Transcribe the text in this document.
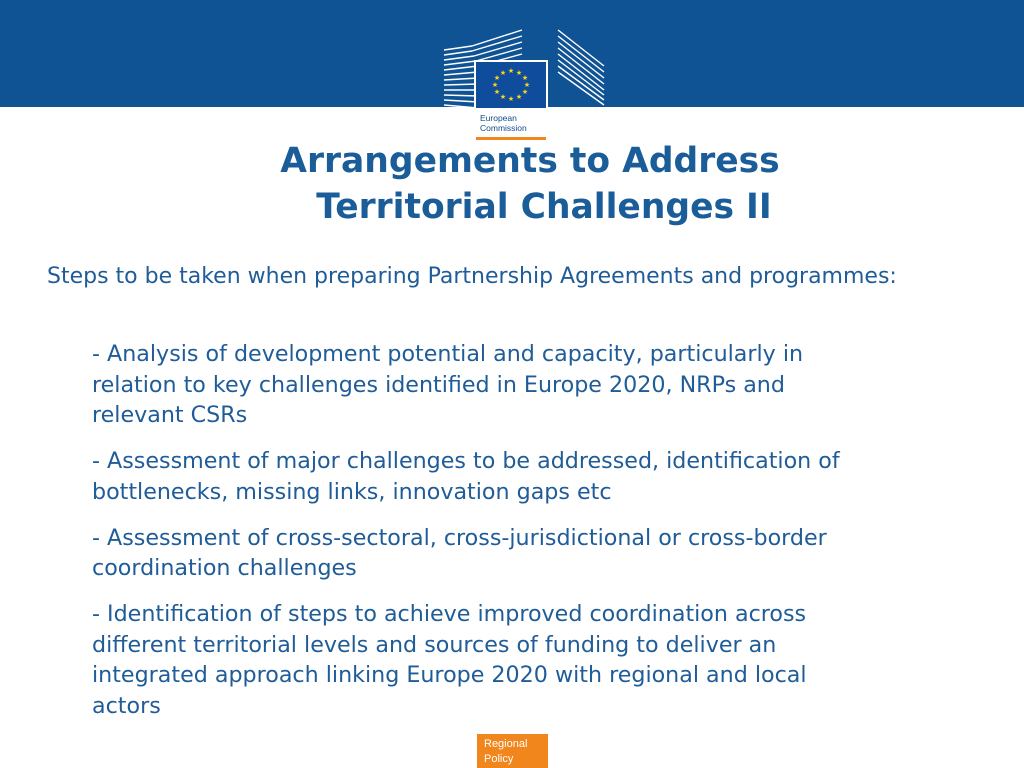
★ ★
★
★
★
★
★
★
★
★
★
★
European
Commission
Arrangements to Address
Territorial Challenges II

Steps to be taken when preparing Partnership Agreements and programmes:

- Analysis of development potential and capacity, particularly in
relation to key challenges identified in Europe 2020, NRPs and
relevant CSRs
- Assessment of major challenges to be addressed, identification of
bottlenecks, missing links, innovation gaps etc
- Assessment of cross-sectoral, cross-jurisdictional or cross-border
coordination challenges
- Identification of steps to achieve improved coordination across
different territorial levels and sources of funding to deliver an
integrated approach linking Europe 2020 with regional and local
actors
Regional
Policy
